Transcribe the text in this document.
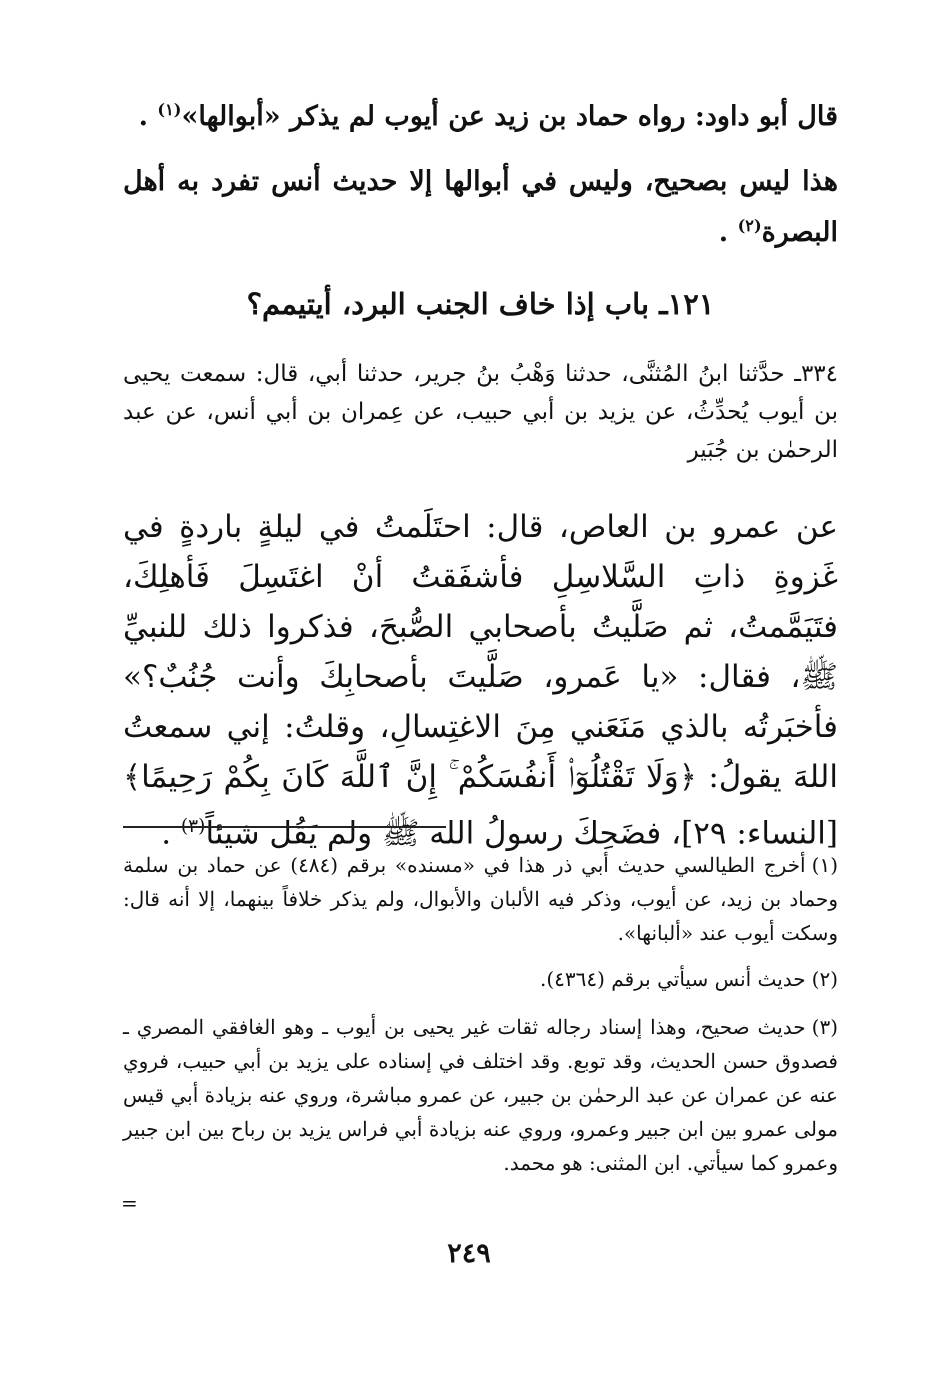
قال أبو داود: رواه حماد بن زيد عن أيوب لم يذكر «أبوالها»$^{(١)}$ .

هذا ليس بصحيح، وليس في أبوالها إلا حديث أنس تفرد به أهل البصرة$^{(٢)}$ .

١٢١ـ باب إذا خاف الجنب البرد، أيتيمم؟

٣٣٤ـ حدَّثنا ابنُ المُثنَّى، حدثنا وَهْبُ بنُ جرير، حدثنا أبي، قال: سمعت يحيى بن أيوب يُحدِّثُ، عن يزيد بن أبي حبيب، عن عِمران بن أبي أنس، عن عبد الرحمٰن بن جُبَير

عن عمرو بن العاص، قال: احتَلَمتُ في ليلةٍ باردةٍ في غَزوةِ ذاتِ السَّلاسِلِ فأشفَقتُ أنْ اغتَسِلَ فَأهلِكَ، فتَيَمَّمتُ، ثم صَلَّيتُ بأصحابي الصُّبحَ، فذكروا ذلك للنبيِّ ﷺ، فقال: «يا عَمرو، صَلَّيتَ بأصحابِكَ وأنت جُنُبٌ؟» فأخبَرتُه بالذي مَنَعَني مِنَ الاغتِسالِ، وقلتُ: إني سمعتُ اللهَ يقولُ: ﴿وَلَا تَقْتُلُوٓا۟ أَنفُسَكُمْ ۚ إِنَّ ٱللَّهَ كَانَ بِكُمْ رَحِيمًا﴾ [النساء: ٢٩]، فضَحِكَ رسولُ الله ﷺ ولم يَقُل شيئاً$^{(٣)}$ .

(١)أخرج الطيالسي حديث أبي ذر هذا في «مسنده» برقم (٤٨٤) عن حماد بن سلمة وحماد بن زيد، عن أيوب، وذكر فيه الألبان والأبوال، ولم يذكر خلافاً بينهما، إلا أنه قال: وسكت أيوب عند «ألبانها».

(٢)حديث أنس سيأتي برقم (٤٣٦٤).

(٣)حديث صحيح، وهذا إسناد رجاله ثقات غير يحيى بن أيوب ـ وهو الغافقي المصري ـ فصدوق حسن الحديث، وقد توبع. وقد اختلف في إسناده على يزيد بن أبي حبيب، فروي عنه عن عمران عن عبد الرحمٰن بن جبير، عن عمرو مباشرة، وروي عنه بزيادة أبي قيس مولى عمرو بين ابن جبير وعمرو، وروي عنه بزيادة أبي فراس يزيد بن رباح بين ابن جبير وعمرو كما سيأتي. ابن المثنى: هو محمد.

=
٢٤٩
